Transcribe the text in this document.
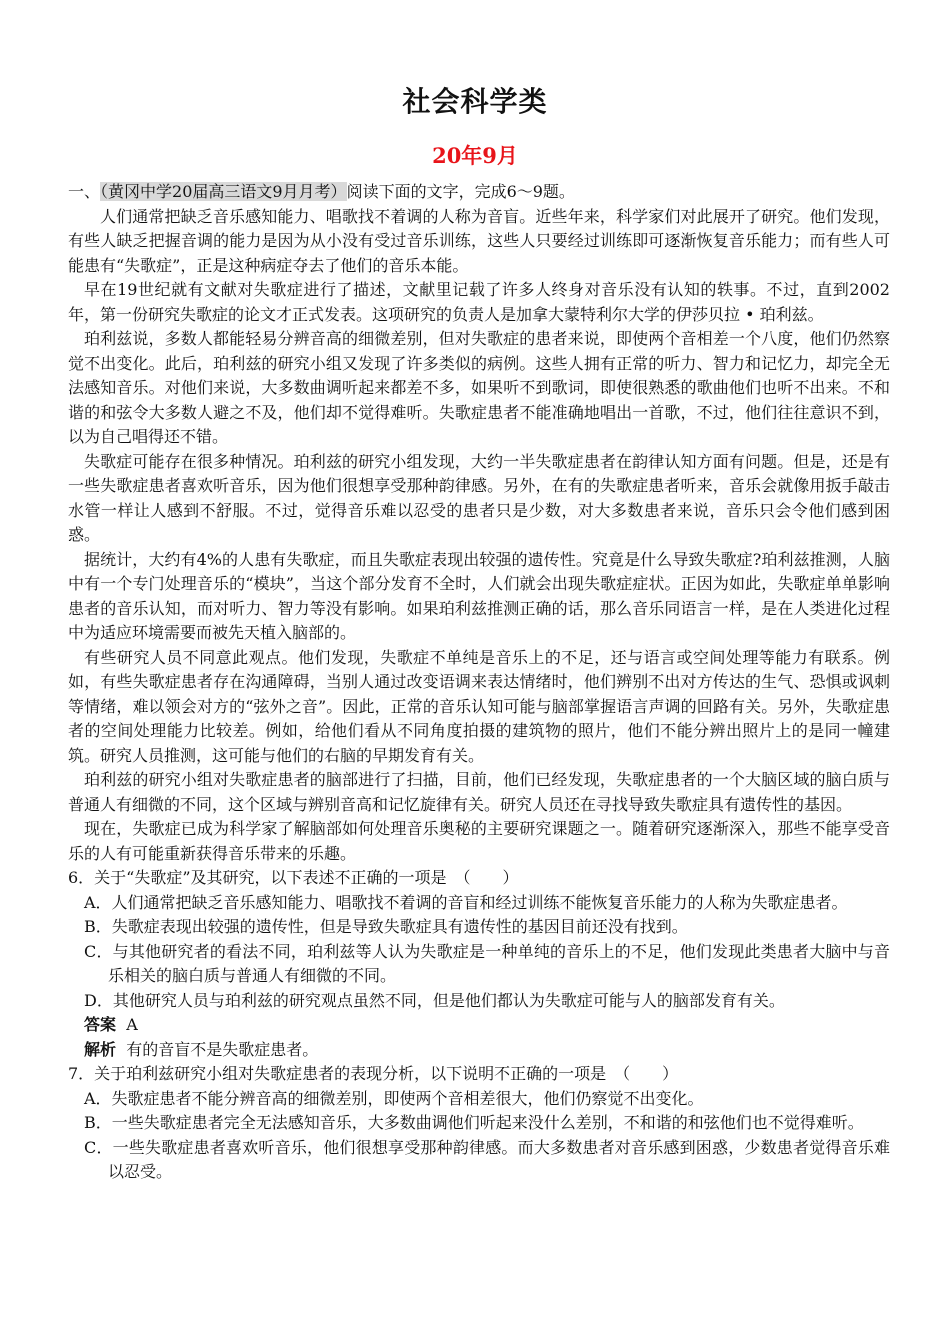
社会科学类
20年9月

一、（黄冈中学20届高三语文9月月考）阅读下面的文字，完成6～9题。

人们通常把缺乏音乐感知能力、唱歌找不着调的人称为音盲。近些年来，科学家们对此展开了研究。他们发现，有些人缺乏把握音调的能力是因为从小没有受过音乐训练，这些人只要经过训练即可逐渐恢复音乐能力；而有些人可能患有“失歌症”，正是这种病症夺去了他们的音乐本能。

早在19世纪就有文献对失歌症进行了描述，文献里记载了许多人终身对音乐没有认知的轶事。不过，直到2002年，第一份研究失歌症的论文才正式发表。这项研究的负责人是加拿大蒙特利尔大学的伊莎贝拉 • 珀利兹。

珀利兹说，多数人都能轻易分辨音高的细微差别，但对失歌症的患者来说，即使两个音相差一个八度，他们仍然察觉不出变化。此后，珀利兹的研究小组又发现了许多类似的病例。这些人拥有正常的听力、智力和记忆力，却完全无法感知音乐。对他们来说，大多数曲调听起来都差不多，如果听不到歌词，即使很熟悉的歌曲他们也听不出来。不和谐的和弦令大多数人避之不及，他们却不觉得难听。失歌症患者不能准确地唱出一首歌，不过，他们往往意识不到，以为自己唱得还不错。

失歌症可能存在很多种情况。珀利兹的研究小组发现，大约一半失歌症患者在韵律认知方面有问题。但是，还是有一些失歌症患者喜欢听音乐，因为他们很想享受那种韵律感。另外，在有的失歌症患者听来，音乐会就像用扳手敲击水管一样让人感到不舒服。不过，觉得音乐难以忍受的患者只是少数，对大多数患者来说，音乐只会令他们感到困惑。

据统计，大约有4%的人患有失歌症，而且失歌症表现出较强的遗传性。究竟是什么导致失歌症?珀利兹推测，人脑中有一个专门处理音乐的“模块”，当这个部分发育不全时，人们就会出现失歌症症状。正因为如此，失歌症单单影响患者的音乐认知，而对听力、智力等没有影响。如果珀利兹推测正确的话，那么音乐同语言一样，是在人类进化过程中为适应环境需要而被先天植入脑部的。

有些研究人员不同意此观点。他们发现，失歌症不单纯是音乐上的不足，还与语言或空间处理等能力有联系。例如，有些失歌症患者存在沟通障碍，当别人通过改变语调来表达情绪时，他们辨别不出对方传达的生气、恐惧或讽刺等情绪，难以领会对方的“弦外之音”。因此，正常的音乐认知可能与脑部掌握语言声调的回路有关。另外，失歌症患者的空间处理能力比较差。例如，给他们看从不同角度拍摄的建筑物的照片，他们不能分辨出照片上的是同一幢建筑。研究人员推测，这可能与他们的右脑的早期发育有关。

珀利兹的研究小组对失歌症患者的脑部进行了扫描，目前，他们已经发现，失歌症患者的一个大脑区域的脑白质与普通人有细微的不同，这个区域与辨别音高和记忆旋律有关。研究人员还在寻找导致失歌症具有遗传性的基因。

现在，失歌症已成为科学家了解脑部如何处理音乐奥秘的主要研究课题之一。随着研究逐渐深入，那些不能享受音乐的人有可能重新获得音乐带来的乐趣。

6．关于“失歌症”及其研究，以下表述不正确的一项是　（　　）

A．人们通常把缺乏音乐感知能力、唱歌找不着调的音盲和经过训练不能恢复音乐能力的人称为失歌症患者。

B．失歌症表现出较强的遗传性，但是导致失歌症具有遗传性的基因目前还没有找到。

C．与其他研究者的看法不同，珀利兹等人认为失歌症是一种单纯的音乐上的不足，他们发现此类患者大脑中与音乐相关的脑白质与普通人有细微的不同。

D．其他研究人员与珀利兹的研究观点虽然不同，但是他们都认为失歌症可能与人的脑部发育有关。

答案 A

解析 有的音盲不是失歌症患者。

7．关于珀利兹研究小组对失歌症患者的表现分析，以下说明不正确的一项是　（　　）

A．失歌症患者不能分辨音高的细微差别，即使两个音相差很大，他们仍察觉不出变化。

B．一些失歌症患者完全无法感知音乐，大多数曲调他们听起来没什么差别，不和谐的和弦他们也不觉得难听。

C．一些失歌症患者喜欢听音乐，他们很想享受那种韵律感。而大多数患者对音乐感到困惑，少数患者觉得音乐难以忍受。
